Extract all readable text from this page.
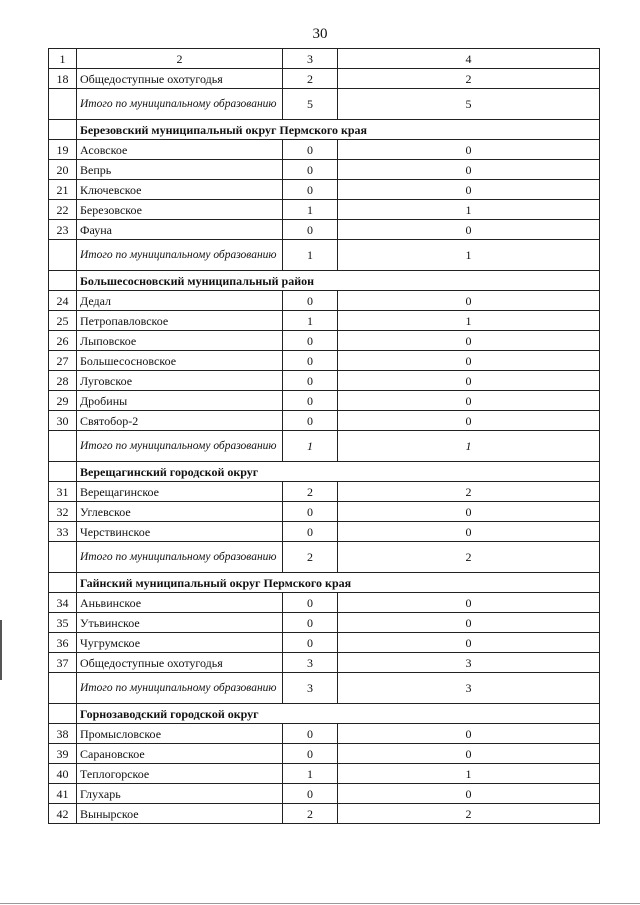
30
1	2	3	4
18	Общедоступные охотугодья	2	2
	Итого по муниципальному образованию	5	5
	Березовский муниципальный округ Пермского края		
19	Асовское	0	0
20	Вепрь	0	0
21	Ключевское	0	0
22	Березовское	1	1
23	Фауна	0	0
	Итого по муниципальному образованию	1	1
	Большесосновский муниципальный район		
24	Дедал	0	0
25	Петропавловское	1	1
26	Лыповское	0	0
27	Большесосновское	0	0
28	Луговское	0	0
29	Дробины	0	0
30	Святобор-2	0	0
	Итого по муниципальному образованию	1	1
	Верещагинский городской округ		
31	Верещагинское	2	2
32	Углевское	0	0
33	Черствинское	0	0
	Итого по муниципальному образованию	2	2
	Гайнский муниципальный округ Пермского края		
34	Аньвинское	0	0
35	Утьвинское	0	0
36	Чугрумское	0	0
37	Общедоступные охотугодья	3	3
	Итого по муниципальному образованию	3	3
	Горнозаводский городской округ		
38	Промысловское	0	0
39	Сарановское	0	0
40	Теплогорское	1	1
41	Глухарь	0	0
42	Вынырское	2	2
